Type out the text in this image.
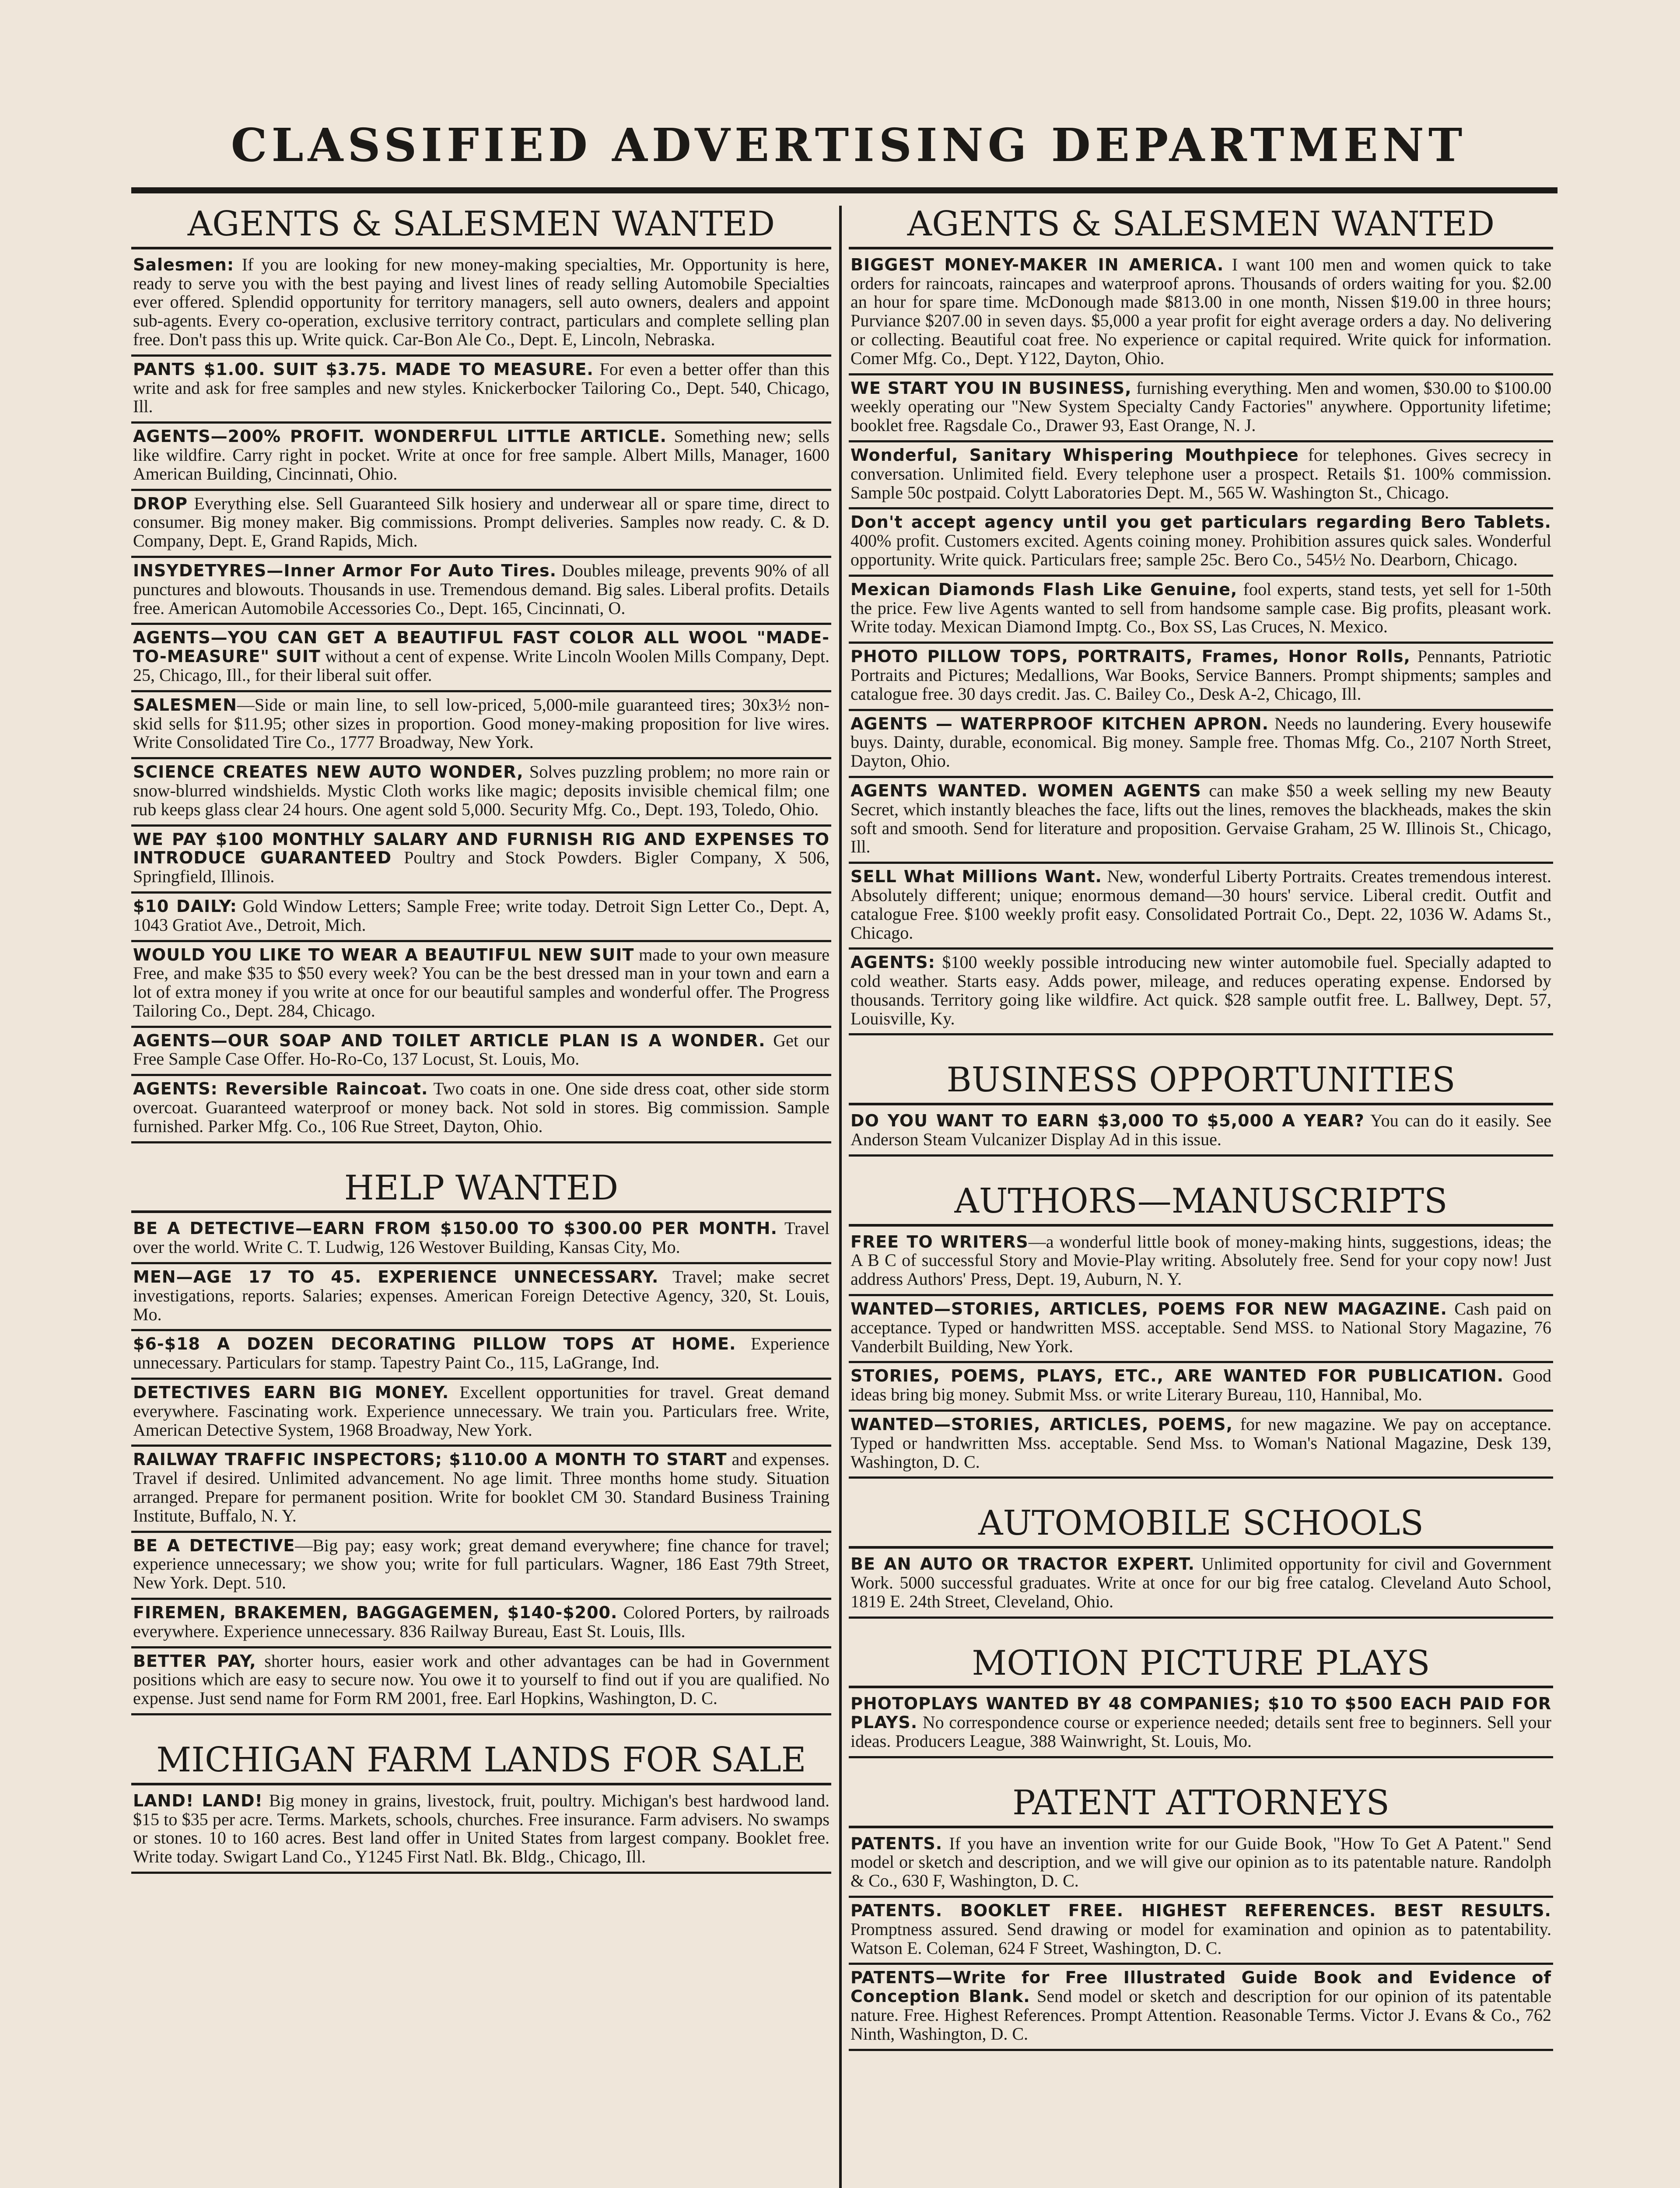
CLASSIFIED ADVERTISING DEPARTMENT
AGENTS & SALESMEN WANTED
Salesmen: If you are looking for new money-making specialties, Mr. Opportunity is here, ready to serve you with the best paying and livest lines of ready selling Automobile Specialties ever offered. Splendid opportunity for territory managers, sell auto owners, dealers and appoint sub-agents. Every co-operation, exclusive territory contract, particulars and complete selling plan free. Don't pass this up. Write quick. Car-Bon Ale Co., Dept. E, Lincoln, Nebraska.
PANTS $1.00. SUIT $3.75. MADE TO MEASURE. For even a better offer than this write and ask for free samples and new styles. Knickerbocker Tailoring Co., Dept. 540, Chicago, Ill.
AGENTS—200% PROFIT. WONDERFUL LITTLE ARTICLE. Something new; sells like wildfire. Carry right in pocket. Write at once for free sample. Albert Mills, Manager, 1600 American Building, Cincinnati, Ohio.
DROP Everything else. Sell Guaranteed Silk hosiery and underwear all or spare time, direct to consumer. Big money maker. Big commissions. Prompt deliveries. Samples now ready. C. & D. Company, Dept. E, Grand Rapids, Mich.
INSYDETYRES—Inner Armor For Auto Tires. Doubles mileage, prevents 90% of all punctures and blowouts. Thousands in use. Tremendous demand. Big sales. Liberal profits. Details free. American Automobile Accessories Co., Dept. 165, Cincinnati, O.
AGENTS—YOU CAN GET A BEAUTIFUL FAST COLOR ALL WOOL "MADE-TO-MEASURE" SUIT without a cent of expense. Write Lincoln Woolen Mills Company, Dept. 25, Chicago, Ill., for their liberal suit offer.
SALESMEN—Side or main line, to sell low-priced, 5,000-mile guaranteed tires; 30x3½ non-skid sells for $11.95; other sizes in proportion. Good money-making proposition for live wires. Write Consolidated Tire Co., 1777 Broadway, New York.
SCIENCE CREATES NEW AUTO WONDER, Solves puzzling problem; no more rain or snow-blurred windshields. Mystic Cloth works like magic; deposits invisible chemical film; one rub keeps glass clear 24 hours. One agent sold 5,000. Security Mfg. Co., Dept. 193, Toledo, Ohio.
WE PAY $100 MONTHLY SALARY AND FURNISH RIG AND EXPENSES TO INTRODUCE GUARANTEED Poultry and Stock Powders. Bigler Company, X 506, Springfield, Illinois.
$10 DAILY: Gold Window Letters; Sample Free; write today. Detroit Sign Letter Co., Dept. A, 1043 Gratiot Ave., Detroit, Mich.
WOULD YOU LIKE TO WEAR A BEAUTIFUL NEW SUIT made to your own measure Free, and make $35 to $50 every week? You can be the best dressed man in your town and earn a lot of extra money if you write at once for our beautiful samples and wonderful offer. The Progress Tailoring Co., Dept. 284, Chicago.
AGENTS—OUR SOAP AND TOILET ARTICLE PLAN IS A WONDER. Get our Free Sample Case Offer. Ho-Ro-Co, 137 Locust, St. Louis, Mo.
AGENTS: Reversible Raincoat. Two coats in one. One side dress coat, other side storm overcoat. Guaranteed waterproof or money back. Not sold in stores. Big commission. Sample furnished. Parker Mfg. Co., 106 Rue Street, Dayton, Ohio.
HELP WANTED
BE A DETECTIVE—EARN FROM $150.00 TO $300.00 PER MONTH. Travel over the world. Write C. T. Ludwig, 126 Westover Building, Kansas City, Mo.
MEN—AGE 17 TO 45. EXPERIENCE UNNECESSARY. Travel; make secret investigations, reports. Salaries; expenses. American Foreign Detective Agency, 320, St. Louis, Mo.
$6-$18 A DOZEN DECORATING PILLOW TOPS AT HOME. Experience unnecessary. Particulars for stamp. Tapestry Paint Co., 115, LaGrange, Ind.
DETECTIVES EARN BIG MONEY. Excellent opportunities for travel. Great demand everywhere. Fascinating work. Experience unnecessary. We train you. Particulars free. Write, American Detective System, 1968 Broadway, New York.
RAILWAY TRAFFIC INSPECTORS; $110.00 A MONTH TO START and expenses. Travel if desired. Unlimited advancement. No age limit. Three months home study. Situation arranged. Prepare for permanent position. Write for booklet CM 30. Standard Business Training Institute, Buffalo, N. Y.
BE A DETECTIVE—Big pay; easy work; great demand everywhere; fine chance for travel; experience unnecessary; we show you; write for full particulars. Wagner, 186 East 79th Street, New York. Dept. 510.
FIREMEN, BRAKEMEN, BAGGAGEMEN, $140-$200. Colored Porters, by railroads everywhere. Experience unnecessary. 836 Railway Bureau, East St. Louis, Ills.
BETTER PAY, shorter hours, easier work and other advantages can be had in Government positions which are easy to secure now. You owe it to yourself to find out if you are qualified. No expense. Just send name for Form RM 2001, free. Earl Hopkins, Washington, D. C.
MICHIGAN FARM LANDS FOR SALE
LAND! LAND! Big money in grains, livestock, fruit, poultry. Michigan's best hardwood land. $15 to $35 per acre. Terms. Markets, schools, churches. Free insurance. Farm advisers. No swamps or stones. 10 to 160 acres. Best land offer in United States from largest company. Booklet free. Write today. Swigart Land Co., Y1245 First Natl. Bk. Bldg., Chicago, Ill.
AGENTS & SALESMEN WANTED
BIGGEST MONEY-MAKER IN AMERICA. I want 100 men and women quick to take orders for raincoats, raincapes and waterproof aprons. Thousands of orders waiting for you. $2.00 an hour for spare time. McDonough made $813.00 in one month, Nissen $19.00 in three hours; Purviance $207.00 in seven days. $5,000 a year profit for eight average orders a day. No delivering or collecting. Beautiful coat free. No experience or capital required. Write quick for information. Comer Mfg. Co., Dept. Y122, Dayton, Ohio.
WE START YOU IN BUSINESS, furnishing everything. Men and women, $30.00 to $100.00 weekly operating our "New System Specialty Candy Factories" anywhere. Opportunity lifetime; booklet free. Ragsdale Co., Drawer 93, East Orange, N. J.
Wonderful, Sanitary Whispering Mouthpiece for telephones. Gives secrecy in conversation. Unlimited field. Every telephone user a prospect. Retails $1. 100% commission. Sample 50c postpaid. Colytt Laboratories Dept. M., 565 W. Washington St., Chicago.
Don't accept agency until you get particulars regarding Bero Tablets. 400% profit. Customers excited. Agents coining money. Prohibition assures quick sales. Wonderful opportunity. Write quick. Particulars free; sample 25c. Bero Co., 545½ No. Dearborn, Chicago.
Mexican Diamonds Flash Like Genuine, fool experts, stand tests, yet sell for 1-50th the price. Few live Agents wanted to sell from handsome sample case. Big profits, pleasant work. Write today. Mexican Diamond Imptg. Co., Box SS, Las Cruces, N. Mexico.
PHOTO PILLOW TOPS, PORTRAITS, Frames, Honor Rolls, Pennants, Patriotic Portraits and Pictures; Medallions, War Books, Service Banners. Prompt shipments; samples and catalogue free. 30 days credit. Jas. C. Bailey Co., Desk A-2, Chicago, Ill.
AGENTS — WATERPROOF KITCHEN APRON. Needs no laundering. Every housewife buys. Dainty, durable, economical. Big money. Sample free. Thomas Mfg. Co., 2107 North Street, Dayton, Ohio.
AGENTS WANTED. WOMEN AGENTS can make $50 a week selling my new Beauty Secret, which instantly bleaches the face, lifts out the lines, removes the blackheads, makes the skin soft and smooth. Send for literature and proposition. Gervaise Graham, 25 W. Illinois St., Chicago, Ill.
SELL What Millions Want. New, wonderful Liberty Portraits. Creates tremendous interest. Absolutely different; unique; enormous demand—30 hours' service. Liberal credit. Outfit and catalogue Free. $100 weekly profit easy. Consolidated Portrait Co., Dept. 22, 1036 W. Adams St., Chicago.
AGENTS: $100 weekly possible introducing new winter automobile fuel. Specially adapted to cold weather. Starts easy. Adds power, mileage, and reduces operating expense. Endorsed by thousands. Territory going like wildfire. Act quick. $28 sample outfit free. L. Ballwey, Dept. 57, Louisville, Ky.
BUSINESS OPPORTUNITIES
DO YOU WANT TO EARN $3,000 TO $5,000 A YEAR? You can do it easily. See Anderson Steam Vulcanizer Display Ad in this issue.
AUTHORS—MANUSCRIPTS
FREE TO WRITERS—a wonderful little book of money-making hints, suggestions, ideas; the A B C of successful Story and Movie-Play writing. Absolutely free. Send for your copy now! Just address Authors' Press, Dept. 19, Auburn, N. Y.
WANTED—STORIES, ARTICLES, POEMS FOR NEW MAGAZINE. Cash paid on acceptance. Typed or handwritten MSS. acceptable. Send MSS. to National Story Magazine, 76 Vanderbilt Building, New York.
STORIES, POEMS, PLAYS, ETC., ARE WANTED FOR PUBLICATION. Good ideas bring big money. Submit Mss. or write Literary Bureau, 110, Hannibal, Mo.
WANTED—STORIES, ARTICLES, POEMS, for new magazine. We pay on acceptance. Typed or handwritten Mss. acceptable. Send Mss. to Woman's National Magazine, Desk 139, Washington, D. C.
AUTOMOBILE SCHOOLS
BE AN AUTO OR TRACTOR EXPERT. Unlimited opportunity for civil and Government Work. 5000 successful graduates. Write at once for our big free catalog. Cleveland Auto School, 1819 E. 24th Street, Cleveland, Ohio.
MOTION PICTURE PLAYS
PHOTOPLAYS WANTED BY 48 COMPANIES; $10 TO $500 EACH PAID FOR PLAYS. No correspondence course or experience needed; details sent free to beginners. Sell your ideas. Producers League, 388 Wainwright, St. Louis, Mo.
PATENT ATTORNEYS
PATENTS. If you have an invention write for our Guide Book, "How To Get A Patent." Send model or sketch and description, and we will give our opinion as to its patentable nature. Randolph & Co., 630 F, Washington, D. C.
PATENTS. BOOKLET FREE. HIGHEST REFERENCES. BEST RESULTS. Promptness assured. Send drawing or model for examination and opinion as to patentability. Watson E. Coleman, 624 F Street, Washington, D. C.
PATENTS—Write for Free Illustrated Guide Book and Evidence of Conception Blank. Send model or sketch and description for our opinion of its patentable nature. Free. Highest References. Prompt Attention. Reasonable Terms. Victor J. Evans & Co., 762 Ninth, Washington, D. C.
